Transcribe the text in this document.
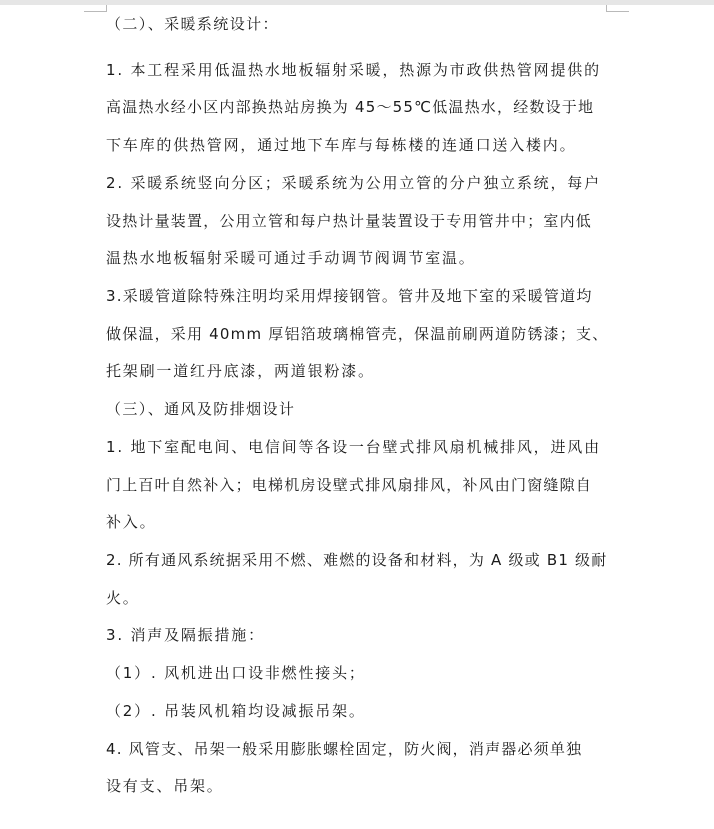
（二）、采暖系统设计：
1. 本工程采用低温热水地板辐射采暖，热源为市政供热管网提供的
高温热水经小区内部换热站房换为 45～55℃低温热水，经数设于地
下车库的供热管网，通过地下车库与每栋楼的连通口送入楼内。
2. 采暖系统竖向分区；采暖系统为公用立管的分户独立系统，每户
设热计量装置，公用立管和每户热计量装置设于专用管井中；室内低
温热水地板辐射采暖可通过手动调节阀调节室温。
3.采暖管道除特殊注明均采用焊接钢管。管井及地下室的采暖管道均
做保温，采用 40mm 厚铝箔玻璃棉管壳，保温前刷两道防锈漆；支、
托架刷一道红丹底漆，两道银粉漆。
（三）、通风及防排烟设计
1. 地下室配电间、电信间等各设一台壁式排风扇机械排风，进风由
门上百叶自然补入；电梯机房设壁式排风扇排风，补风由门窗缝隙自
补入。
2. 所有通风系统据采用不燃、难燃的设备和材料，为 A 级或 B1 级耐
火。
3. 消声及隔振措施：
（1）. 风机进出口设非燃性接头；
（2）. 吊装风机箱均设减振吊架。
4. 风管支、吊架一般采用膨胀螺栓固定，防火阀，消声器必须单独
设有支、吊架。
